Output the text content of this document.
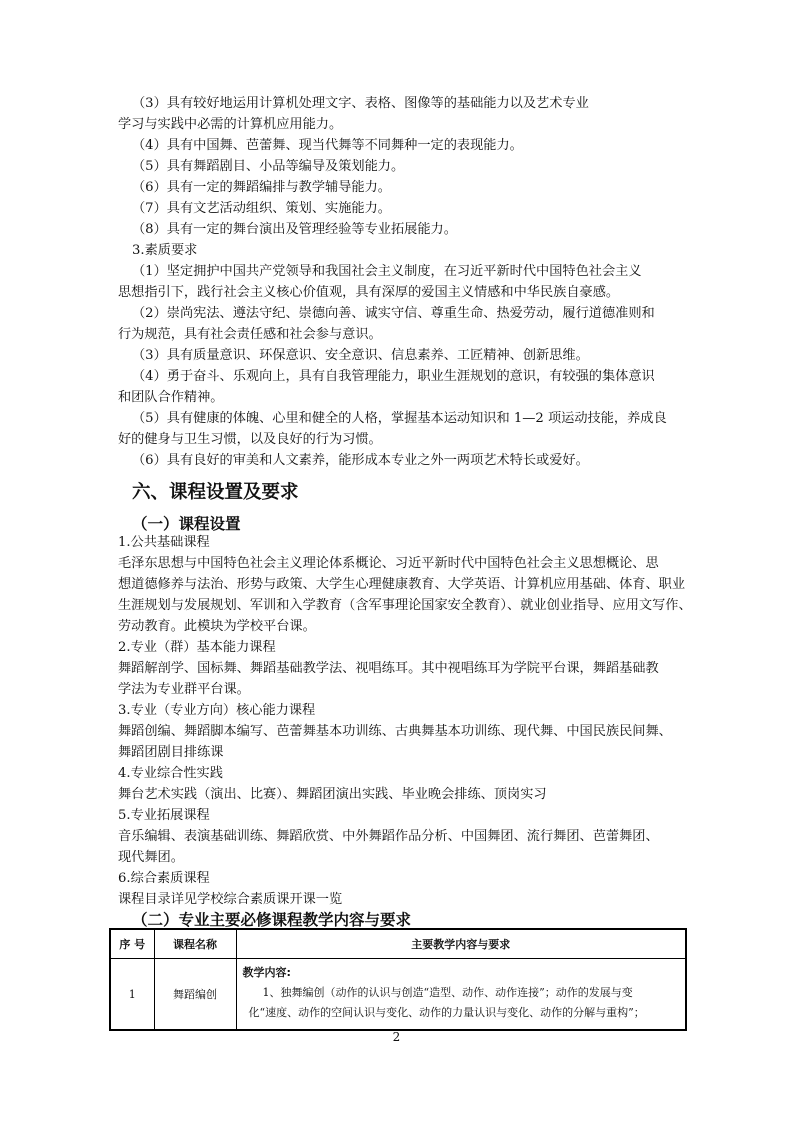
（3）具有较好地运用计算机处理文字、表格、图像等的基础能力以及艺术专业
学习与实践中必需的计算机应用能力。
（4）具有中国舞、芭蕾舞、现当代舞等不同舞种一定的表现能力。
（5）具有舞蹈剧目、小品等编导及策划能力。
（6）具有一定的舞蹈编排与教学辅导能力。
（7）具有文艺活动组织、策划、实施能力。
（8）具有一定的舞台演出及管理经验等专业拓展能力。
3.素质要求
（1）坚定拥护中国共产党领导和我国社会主义制度，在习近平新时代中国特色社会主义
思想指引下，践行社会主义核心价值观，具有深厚的爱国主义情感和中华民族自豪感。
（2）崇尚宪法、遵法守纪、崇德向善、诚实守信、尊重生命、热爱劳动，履行道德准则和
行为规范，具有社会责任感和社会参与意识。
（3）具有质量意识、环保意识、安全意识、信息素养、工匠精神、创新思维。
（4）勇于奋斗、乐观向上，具有自我管理能力，职业生涯规划的意识，有较强的集体意识
和团队合作精神。
（5）具有健康的体魄、心里和健全的人格，掌握基本运动知识和 1—2 项运动技能，养成良
好的健身与卫生习惯，以及良好的行为习惯。
（6）具有良好的审美和人文素养，能形成本专业之外一两项艺术特长或爱好。
六、课程设置及要求
（一）课程设置
1.公共基础课程
毛泽东思想与中国特色社会主义理论体系概论、习近平新时代中国特色社会主义思想概论、思
想道德修养与法治、形势与政策、大学生心理健康教育、大学英语、计算机应用基础、体育、职业
生涯规划与发展规划、军训和入学教育（含军事理论国家安全教育）、就业创业指导、应用文写作、
劳动教育。此模块为学校平台课。
2.专业（群）基本能力课程
舞蹈解剖学、国标舞、舞蹈基础教学法、视唱练耳。其中视唱练耳为学院平台课，舞蹈基础教
学法为专业群平台课。
3.专业（专业方向）核心能力课程
舞蹈创编、舞蹈脚本编写、芭蕾舞基本功训练、古典舞基本功训练、现代舞、中国民族民间舞、
舞蹈团剧目排练课
4.专业综合性实践
舞台艺术实践（演出、比赛）、舞蹈团演出实践、毕业晚会排练、顶岗实习
5.专业拓展课程
音乐编辑、表演基础训练、舞蹈欣赏、中外舞蹈作品分析、中国舞团、流行舞团、芭蕾舞团、
现代舞团。
6.综合素质课程
课程目录详见学校综合素质课开课一览
（二）专业主要必修课程教学内容与要求
序 号	课程名称	主要教学内容与要求
1	舞蹈编创	教学内容:
1、独舞编创（动作的认识与创造“造型、动作、动作连接”；动作的发展与变
化“速度、动作的空间认识与变化、动作的力量认识与变化、动作的分解与重构”；
2
